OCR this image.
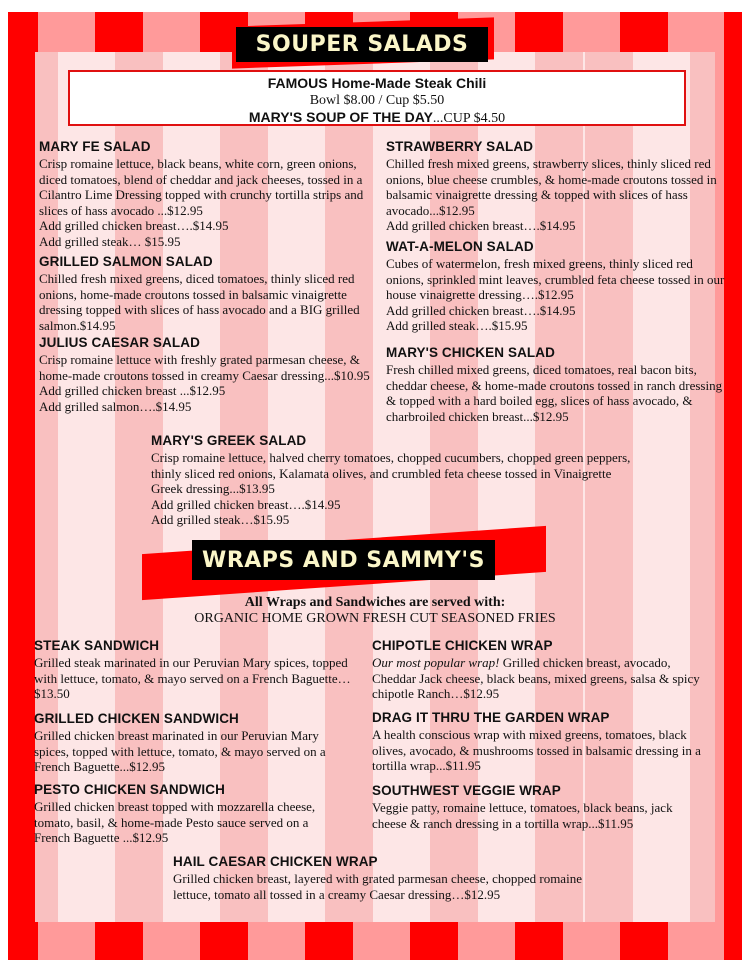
SOUPER SALADS
FAMOUS Home-Made Steak Chili
Bowl $8.00 / Cup $5.50
MARY'S SOUP OF THE DAY...CUP $4.50
MARY FE SALAD

Crisp romaine lettuce, black beans, white corn, green onions, diced tomatoes, blend of cheddar and jack cheeses, tossed in a Cilantro Lime Dressing topped with crunchy tortilla strips and slices of hass avocado ...$12.95

Add grilled chicken breast….$14.95

Add grilled steak… $15.95

GRILLED SALMON SALAD

Chilled fresh mixed greens, diced tomatoes, thinly sliced red onions, home-made croutons tossed in balsamic vinaigrette dressing topped with slices of hass avocado and a BIG grilled salmon.$14.95

JULIUS CAESAR SALAD

Crisp romaine lettuce with freshly grated parmesan cheese, & home-made croutons tossed in creamy Caesar dressing...$10.95

Add grilled chicken breast ...$12.95

Add grilled salmon….$14.95

STRAWBERRY SALAD

Chilled fresh mixed greens, strawberry slices, thinly sliced red onions, blue cheese crumbles, & home-made croutons tossed in balsamic vinaigrette dressing & topped with slices of hass avocado...$12.95

Add grilled chicken breast….$14.95

WAT-A-MELON SALAD

Cubes of watermelon, fresh mixed greens, thinly sliced red onions, sprinkled mint leaves, crumbled feta cheese tossed in our house vinaigrette dressing….$12.95

Add grilled chicken breast….$14.95

Add grilled steak….$15.95

MARY'S CHICKEN SALAD

Fresh chilled mixed greens, diced tomatoes, real bacon bits, cheddar cheese, & home-made croutons tossed in ranch dressing & topped with a hard boiled egg, slices of hass avocado, & charbroiled chicken breast...$12.95

MARY'S GREEK SALAD

Crisp romaine lettuce, halved cherry tomatoes, chopped cucumbers, chopped green peppers, thinly sliced red onions, Kalamata olives, and crumbled feta cheese tossed in Vinaigrette Greek dressing...$13.95

Add grilled chicken breast….$14.95

Add grilled steak…$15.95

WRAPS AND SAMMY'S
All Wraps and Sandwiches are served with:
ORGANIC HOME GROWN FRESH CUT SEASONED FRIES
STEAK SANDWICH

Grilled steak marinated in our Peruvian Mary spices, topped with lettuce, tomato, & mayo served on a French Baguette…$13.50

GRILLED CHICKEN SANDWICH

Grilled chicken breast marinated in our Peruvian Mary spices, topped with lettuce, tomato, & mayo served on a French Baguette...$12.95

PESTO CHICKEN SANDWICH

Grilled chicken breast topped with mozzarella cheese, tomato, basil, & home-made Pesto sauce served on a French Baguette ...$12.95

CHIPOTLE CHICKEN WRAP

Our most popular wrap! Grilled chicken breast, avocado, Cheddar Jack cheese, black beans, mixed greens, salsa & spicy chipotle Ranch…$12.95

DRAG IT THRU THE GARDEN WRAP

A health conscious wrap with mixed greens, tomatoes, black olives, avocado, & mushrooms tossed in balsamic dressing in a tortilla wrap...$11.95

SOUTHWEST VEGGIE WRAP

Veggie patty, romaine lettuce, tomatoes, black beans, jack cheese & ranch dressing in a tortilla wrap...$11.95

HAIL CAESAR CHICKEN WRAP

Grilled chicken breast, layered with grated parmesan cheese, chopped romaine lettuce, tomato all tossed in a creamy Caesar dressing…$12.95
